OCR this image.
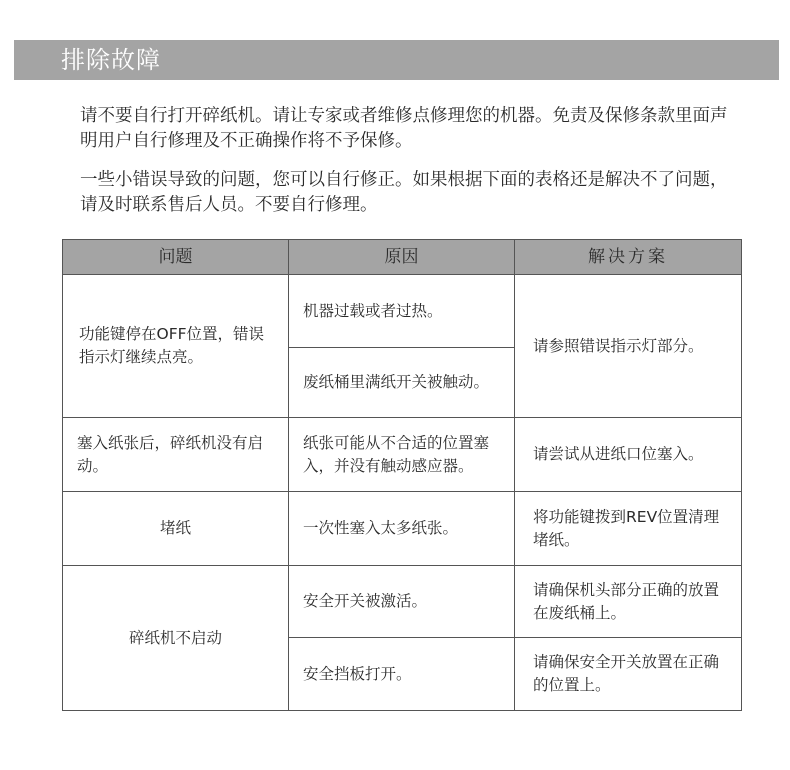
排除故障
请不要自行打开碎纸机。请让专家或者维修点修理您的机器。免责及保修条款里面声明用户自行修理及不正确操作将不予保修。
一些小错误导致的问题，您可以自行修正。如果根据下面的表格还是解决不了问题，请及时联系售后人员。不要自行修理。
问题	原因	解决方案
功能键停在OFF位置，错误指示灯继续点亮。	机器过载或者过热。	请参照错误指示灯部分。
	废纸桶里满纸开关被触动。	
塞入纸张后，碎纸机没有启动。	纸张可能从不合适的位置塞入，并没有触动感应器。	请尝试从进纸口位塞入。
堵纸	一次性塞入太多纸张。	将功能键拨到REV位置清理堵纸。
碎纸机不启动	安全开关被激活。	请确保机头部分正确的放置在废纸桶上。
	安全挡板打开。	请确保安全开关放置在正确的位置上。
